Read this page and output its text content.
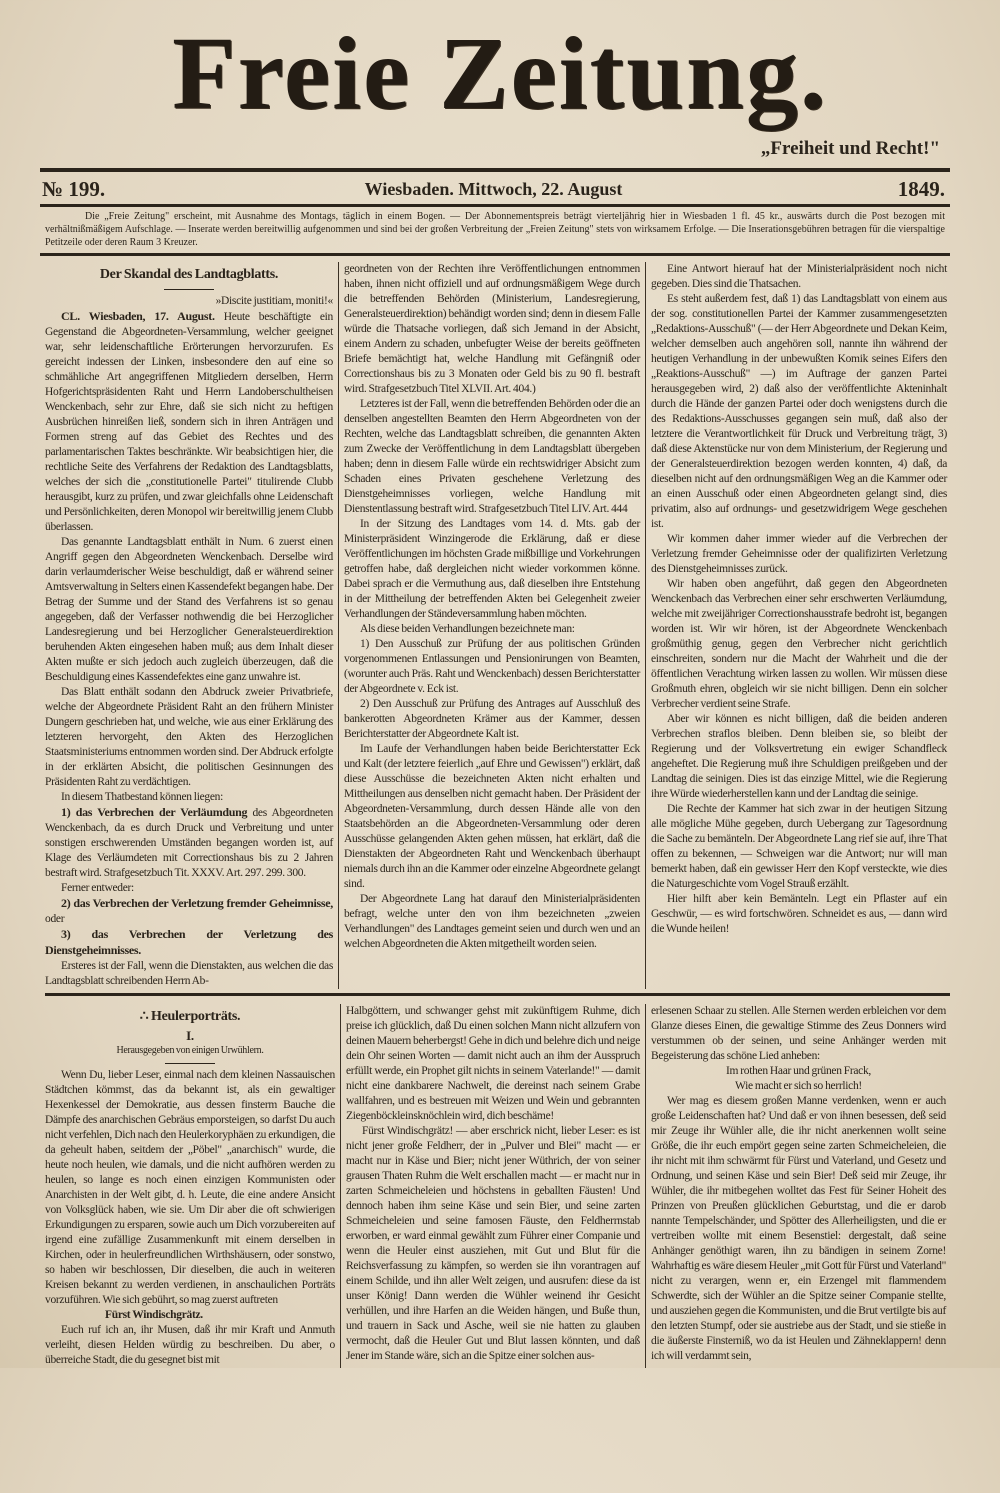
Freie Zeitung.
„Freiheit und Recht!"
Wiesbaden. Mittwoch, 22. August
№ 199.	1849.
Die „Freie Zeitung" erscheint, mit Ausnahme des Montags, täglich in einem Bogen. — Der Abonnementspreis beträgt vierteljährig hier in Wiesbaden 1 fl. 45 kr., auswärts durch die Post bezogen mit verhältnißmäßigem Aufschlage. — Inserate werden bereitwillig aufgenommen und sind bei der großen Verbreitung der „Freien Zeitung" stets von wirksamem Erfolge. — Die Inserationsgebühren betragen für die vierspaltige Petitzeile oder deren Raum 3 Kreuzer.

Der Skandal des Landtagblatts.

»Discite justitiam, moniti!«

CL. Wiesbaden, 17. August. Heute beschäftigte ein Gegenstand die Abgeordneten-Versammlung, welcher geeignet war, sehr leidenschaftliche Erörterungen hervorzurufen. Es gereicht indessen der Linken, insbesondere den auf eine so schmähliche Art angegriffenen Mitgliedern derselben, Herrn Hofgerichtspräsidenten Raht und Herrn Landoberschultheisen Wenckenbach, sehr zur Ehre, daß sie sich nicht zu heftigen Ausbrüchen hinreißen ließ, sondern sich in ihren Anträgen und Formen streng auf das Gebiet des Rechtes und des parlamentarischen Taktes beschränkte. Wir beabsichtigen hier, die rechtliche Seite des Verfahrens der Redaktion des Landtagsblatts, welches der sich die „constitutionelle Partei" titulirende Clubb herausgibt, kurz zu prüfen, und zwar gleichfalls ohne Leidenschaft und Persönlichkeiten, deren Monopol wir bereitwillig jenem Clubb überlassen.

Das genannte Landtagsblatt enthält in Num. 6 zuerst einen Angriff gegen den Abgeordneten Wenckenbach. Derselbe wird darin verlaumderischer Weise beschuldigt, daß er während seiner Amtsverwaltung in Selters einen Kassendefekt begangen habe. Der Betrag der Summe und der Stand des Verfahrens ist so genau angegeben, daß der Verfasser nothwendig die bei Herzoglicher Landesregierung und bei Herzoglicher Generalsteuerdirektion beruhenden Akten eingesehen haben muß; aus dem Inhalt dieser Akten mußte er sich jedoch auch zugleich überzeugen, daß die Beschuldigung eines Kassendefektes eine ganz unwahre ist.

Das Blatt enthält sodann den Abdruck zweier Privatbriefe, welche der Abgeordnete Präsident Raht an den frühern Minister Dungern geschrieben hat, und welche, wie aus einer Erklärung des letzteren hervorgeht, den Akten des Herzoglichen Staatsministeriums entnommen worden sind. Der Abdruck erfolgte in der erklärten Absicht, die politischen Gesinnungen des Präsidenten Raht zu verdächtigen.

In diesem Thatbestand können liegen:

1) das Verbrechen der Verläumdung des Abgeordneten Wenckenbach, da es durch Druck und Verbreitung und unter sonstigen erschwerenden Umständen begangen worden ist, auf Klage des Verläumdeten mit Correctionshaus bis zu 2 Jahren bestraft wird. Strafgesetzbuch Tit. XXXV. Art. 297. 299. 300.

Ferner entweder:

2) das Verbrechen der Verletzung fremder Geheimnisse, oder

3) das Verbrechen der Verletzung des Dienstgeheimnisses.

Ersteres ist der Fall, wenn die Dienstakten, aus welchen die das Landtagsblatt schreibenden Herrn Ab-

geordneten von der Rechten ihre Veröffentlichungen entnommen haben, ihnen nicht offiziell und auf ordnungsmäßigem Wege durch die betreffenden Behörden (Ministerium, Landesregierung, Generalsteuerdirektion) behändigt worden sind; denn in diesem Falle würde die Thatsache vorliegen, daß sich Jemand in der Absicht, einem Andern zu schaden, unbefugter Weise der bereits geöffneten Briefe bemächtigt hat, welche Handlung mit Gefängniß oder Correctionshaus bis zu 3 Monaten oder Geld bis zu 90 fl. bestraft wird. Strafgesetzbuch Titel XLVII. Art. 404.)

Letzteres ist der Fall, wenn die betreffenden Behörden oder die an denselben angestellten Beamten den Herrn Abgeordneten von der Rechten, welche das Landtagsblatt schreiben, die genannten Akten zum Zwecke der Veröffentlichung in dem Landtagsblatt übergeben haben; denn in diesem Falle würde ein rechtswidriger Absicht zum Schaden eines Privaten geschehene Verletzung des Dienstgeheimnisses vorliegen, welche Handlung mit Dienstentlassung bestraft wird. Strafgesetzbuch Titel LIV. Art. 444

In der Sitzung des Landtages vom 14. d. Mts. gab der Ministerpräsident Winzingerode die Erklärung, daß er diese Veröffentlichungen im höchsten Grade mißbillige und Vorkehrungen getroffen habe, daß dergleichen nicht wieder vorkommen könne. Dabei sprach er die Vermuthung aus, daß dieselben ihre Entstehung in der Mittheilung der betreffenden Akten bei Gelegenheit zweier Verhandlungen der Ständeversammlung haben möchten.

Als diese beiden Verhandlungen bezeichnete man:

1) Den Ausschuß zur Prüfung der aus politischen Gründen vorgenommenen Entlassungen und Pensionirungen von Beamten, (worunter auch Präs. Raht und Wenckenbach) dessen Berichterstatter der Abgeordnete v. Eck ist.

2) Den Ausschuß zur Prüfung des Antrages auf Ausschluß des bankerotten Abgeordneten Krämer aus der Kammer, dessen Berichterstatter der Abgeordnete Kalt ist.

Im Laufe der Verhandlungen haben beide Berichterstatter Eck und Kalt (der letztere feierlich „auf Ehre und Gewissen") erklärt, daß diese Ausschüsse die bezeichneten Akten nicht erhalten und Mittheilungen aus denselben nicht gemacht haben. Der Präsident der Abgeordneten-Versammlung, durch dessen Hände alle von den Staatsbehörden an die Abgeordneten-Versammlung oder deren Ausschüsse gelangenden Akten gehen müssen, hat erklärt, daß die Dienstakten der Abgeordneten Raht und Wenckenbach überhaupt niemals durch ihn an die Kammer oder einzelne Abgeordnete gelangt sind.

Der Abgeordnete Lang hat darauf den Ministerialpräsidenten befragt, welche unter den von ihm bezeichneten „zweien Verhandlungen" des Landtages gemeint seien und durch wen und an welchen Abgeordneten die Akten mitgetheilt worden seien.

Eine Antwort hierauf hat der Ministerialpräsident noch nicht gegeben. Dies sind die Thatsachen.

Es steht außerdem fest, daß 1) das Landtagsblatt von einem aus der sog. constitutionellen Partei der Kammer zusammengesetzten „Redaktions-Ausschuß" (— der Herr Abgeordnete und Dekan Keim, welcher demselben auch angehören soll, nannte ihn während der heutigen Verhandlung in der unbewußten Komik seines Eifers den „Reaktions-Ausschuß" —) im Auftrage der ganzen Partei herausgegeben wird, 2) daß also der veröffentlichte Akteninhalt durch die Hände der ganzen Partei oder doch wenigstens durch die des Redaktions-Ausschusses gegangen sein muß, daß also der letztere die Verantwortlichkeit für Druck und Verbreitung trägt, 3) daß diese Aktenstücke nur von dem Ministerium, der Regierung und der Generalsteuerdirektion bezogen werden konnten, 4) daß, da dieselben nicht auf den ordnungsmäßigen Weg an die Kammer oder an einen Ausschuß oder einen Abgeordneten gelangt sind, dies privatim, also auf ordnungs- und gesetzwidrigem Wege geschehen ist.

Wir kommen daher immer wieder auf die Verbrechen der Verletzung fremder Geheimnisse oder der qualifizirten Verletzung des Dienstgeheimnisses zurück.

Wir haben oben angeführt, daß gegen den Abgeordneten Wenckenbach das Verbrechen einer sehr erschwerten Verläumdung, welche mit zweijähriger Correctionshausstrafe bedroht ist, begangen worden ist. Wir wir hören, ist der Abgeordnete Wenckenbach großmüthig genug, gegen den Verbrecher nicht gerichtlich einschreiten, sondern nur die Macht der Wahrheit und die der öffentlichen Verachtung wirken lassen zu wollen. Wir müssen diese Großmuth ehren, obgleich wir sie nicht billigen. Denn ein solcher Verbrecher verdient seine Strafe.

Aber wir können es nicht billigen, daß die beiden anderen Verbrechen straflos bleiben. Denn bleiben sie, so bleibt der Regierung und der Volksvertretung ein ewiger Schandfleck angeheftet. Die Regierung muß ihre Schuldigen preißgeben und der Landtag die seinigen. Dies ist das einzige Mittel, wie die Regierung ihre Würde wiederherstellen kann und der Landtag die seinige.

Die Rechte der Kammer hat sich zwar in der heutigen Sitzung alle mögliche Mühe gegeben, durch Uebergang zur Tagesordnung die Sache zu bemänteln. Der Abgeordnete Lang rief sie auf, ihre That offen zu bekennen, — Schweigen war die Antwort; nur will man bemerkt haben, daß ein gewisser Herr den Kopf versteckte, wie dies die Naturgeschichte vom Vogel Strauß erzählt.

Hier hilft aber kein Bemänteln. Legt ein Pflaster auf ein Geschwür, — es wird fortschwören. Schneidet es aus, — dann wird die Wunde heilen!

∴ Heulerporträts.

I.

Herausgegeben von einigen Urwühlern.

Wenn Du, lieber Leser, einmal nach dem kleinen Nassauischen Städtchen kömmst, das da bekannt ist, als ein gewaltiger Hexenkessel der Demokratie, aus dessen finsterm Bauche die Dämpfe des anarchischen Gebräus emporsteigen, so darfst Du auch nicht verfehlen, Dich nach den Heulerkoryphäen zu erkundigen, die da geheult haben, seitdem der „Pöbel" „anarchisch" wurde, die heute noch heulen, wie damals, und die nicht aufhören werden zu heulen, so lange es noch einen einzigen Kommunisten oder Anarchisten in der Welt gibt, d. h. Leute, die eine andere Ansicht von Volksglück haben, wie sie. Um Dir aber die oft schwierigen Erkundigungen zu ersparen, sowie auch um Dich vorzubereiten auf irgend eine zufällige Zusammenkunft mit einem derselben in Kirchen, oder in heulerfreundlichen Wirthshäusern, oder sonstwo, so haben wir beschlossen, Dir dieselben, die auch in weiteren Kreisen bekannt zu werden verdienen, in anschaulichen Porträts vorzuführen. Wie sich gebührt, so mag zuerst auftreten

Fürst Windischgrätz.

Euch ruf ich an, ihr Musen, daß ihr mir Kraft und Anmuth verleiht, diesen Helden würdig zu beschreiben. Du aber, o überreiche Stadt, die du gesegnet bist mit

Halbgöttern, und schwanger gehst mit zukünftigem Ruhme, dich preise ich glücklich, daß Du einen solchen Mann nicht allzufern von deinen Mauern beherbergst! Gehe in dich und belehre dich und neige dein Ohr seinen Worten — damit nicht auch an ihm der Ausspruch erfüllt werde, ein Prophet gilt nichts in seinem Vaterlande!" — damit nicht eine dankbarere Nachwelt, die dereinst nach seinem Grabe wallfahren, und es bestreuen mit Weizen und Wein und gebrannten Ziegenböckleinsknöchlein wird, dich beschäme!

Fürst Windischgrätz! — aber erschrick nicht, lieber Leser: es ist nicht jener große Feldherr, der in „Pulver und Blei" macht — er macht nur in Käse und Bier; nicht jener Wüthrich, der von seiner grausen Thaten Ruhm die Welt erschallen macht — er macht nur in zarten Schmeicheleien und höchstens in geballten Fäusten! Und dennoch haben ihm seine Käse und sein Bier, und seine zarten Schmeicheleien und seine famosen Fäuste, den Feldherrnstab erworben, er ward einmal gewählt zum Führer einer Companie und wenn die Heuler einst ausziehen, mit Gut und Blut für die Reichsverfassung zu kämpfen, so werden sie ihn vorantragen auf einem Schilde, und ihn aller Welt zeigen, und ausrufen: diese da ist unser König! Dann werden die Wühler weinend ihr Gesicht verhüllen, und ihre Harfen an die Weiden hängen, und Buße thun, und trauern in Sack und Asche, weil sie nie hatten zu glauben vermocht, daß die Heuler Gut und Blut lassen könnten, und daß Jener im Stande wäre, sich an die Spitze einer solchen aus-

erlesenen Schaar zu stellen. Alle Sternen werden erbleichen vor dem Glanze dieses Einen, die gewaltige Stimme des Zeus Donners wird verstummen ob der seinen, und seine Anhänger werden mit Begeisterung das schöne Lied anheben:

Im rothen Haar und grünen Frack,

Wie macht er sich so herrlich!

Wer mag es diesem großen Manne verdenken, wenn er auch große Leidenschaften hat? Und daß er von ihnen besessen, deß seid mir Zeuge ihr Wühler alle, die ihr nicht anerkennen wollt seine Größe, die ihr euch empört gegen seine zarten Schmeicheleien, die ihr nicht mit ihm schwärmt für Fürst und Vaterland, und Gesetz und Ordnung, und seinen Käse und sein Bier! Deß seid mir Zeuge, ihr Wühler, die ihr mitbegehen wolltet das Fest für Seiner Hoheit des Prinzen von Preußen glücklichen Geburtstag, und die er darob nannte Tempelschänder, und Spötter des Allerheiligsten, und die er vertreiben wollte mit einem Besenstiel: dergestalt, daß seine Anhänger genöthigt waren, ihn zu bändigen in seinem Zorne! Wahrhaftig es wäre diesem Heuler „mit Gott für Fürst und Vaterland" nicht zu verargen, wenn er, ein Erzengel mit flammendem Schwerdte, sich der Wühler an die Spitze seiner Companie stellte, und ausziehen gegen die Kommunisten, und die Brut vertilgte bis auf den letzten Stumpf, oder sie austriebe aus der Stadt, und sie stieße in die äußerste Finsterniß, wo da ist Heulen und Zähneklappern! denn ich will verdammt sein,
